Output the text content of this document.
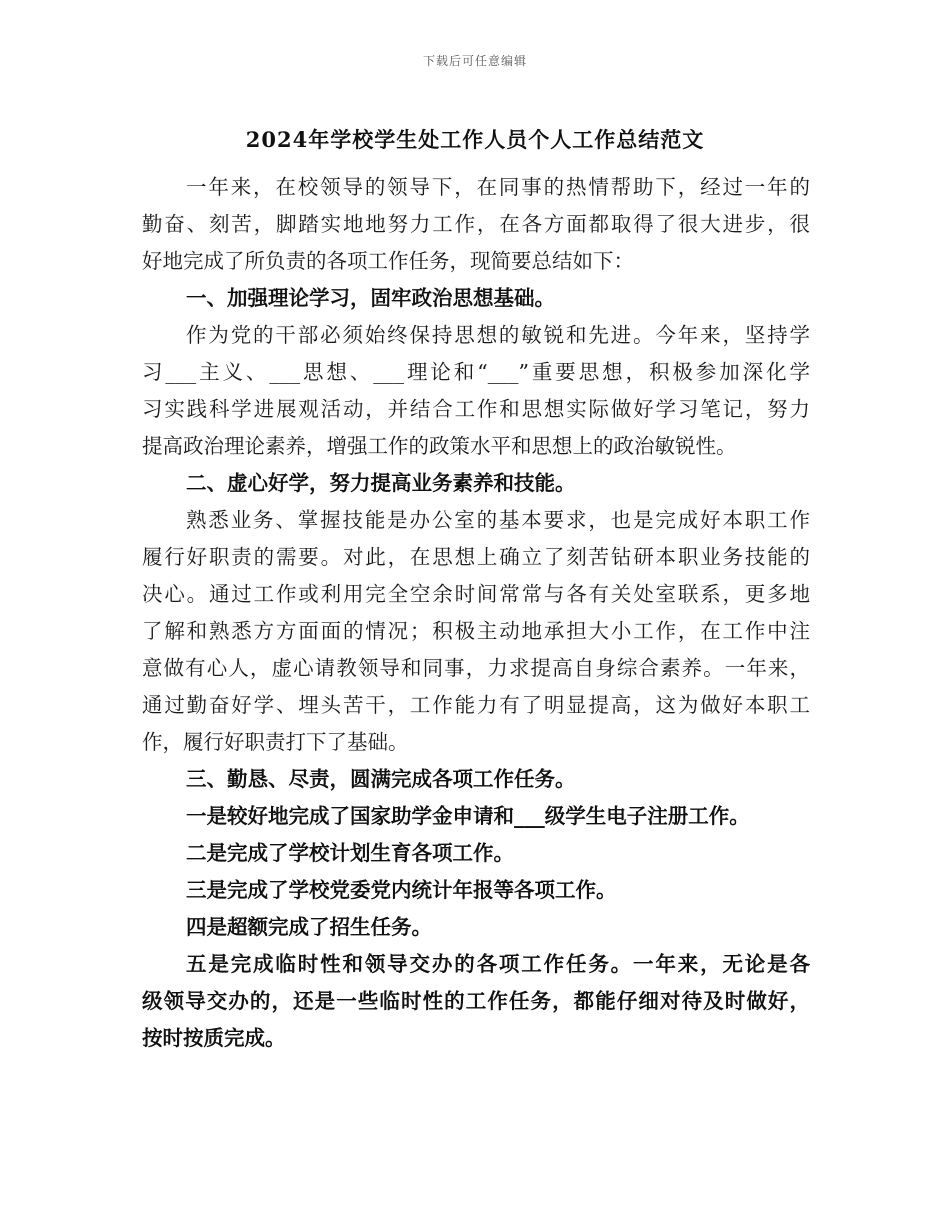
下载后可任意编辑
2024年学校学生处工作人员个人工作总结范文
一年来，在校领导的领导下，在同事的热情帮助下，经过一年的
勤奋、刻苦，脚踏实地地努力工作，在各方面都取得了很大进步，很
好地完成了所负责的各项工作任务，现简要总结如下：
一、加强理论学习，固牢政治思想基础。
作为党的干部必须始终保持思想的敏锐和先进。今年来，坚持学
习___主义、___思想、___理论和“___”重要思想，积极参加深化学
习实践科学进展观活动，并结合工作和思想实际做好学习笔记，努力
提高政治理论素养，增强工作的政策水平和思想上的政治敏锐性。
二、虚心好学，努力提高业务素养和技能。
熟悉业务、掌握技能是办公室的基本要求，也是完成好本职工作
履行好职责的需要。对此，在思想上确立了刻苦钻研本职业务技能的
决心。通过工作或利用完全空余时间常常与各有关处室联系，更多地
了解和熟悉方方面面的情况；积极主动地承担大小工作，在工作中注
意做有心人，虚心请教领导和同事，力求提高自身综合素养。一年来，
通过勤奋好学、埋头苦干，工作能力有了明显提高，这为做好本职工
作，履行好职责打下了基础。
三、勤恳、尽责，圆满完成各项工作任务。
一是较好地完成了国家助学金申请和___级学生电子注册工作。
二是完成了学校计划生育各项工作。
三是完成了学校党委党内统计年报等各项工作。
四是超额完成了招生任务。
五是完成临时性和领导交办的各项工作任务。一年来，无论是各
级领导交办的，还是一些临时性的工作任务，都能仔细对待及时做好，
按时按质完成。
